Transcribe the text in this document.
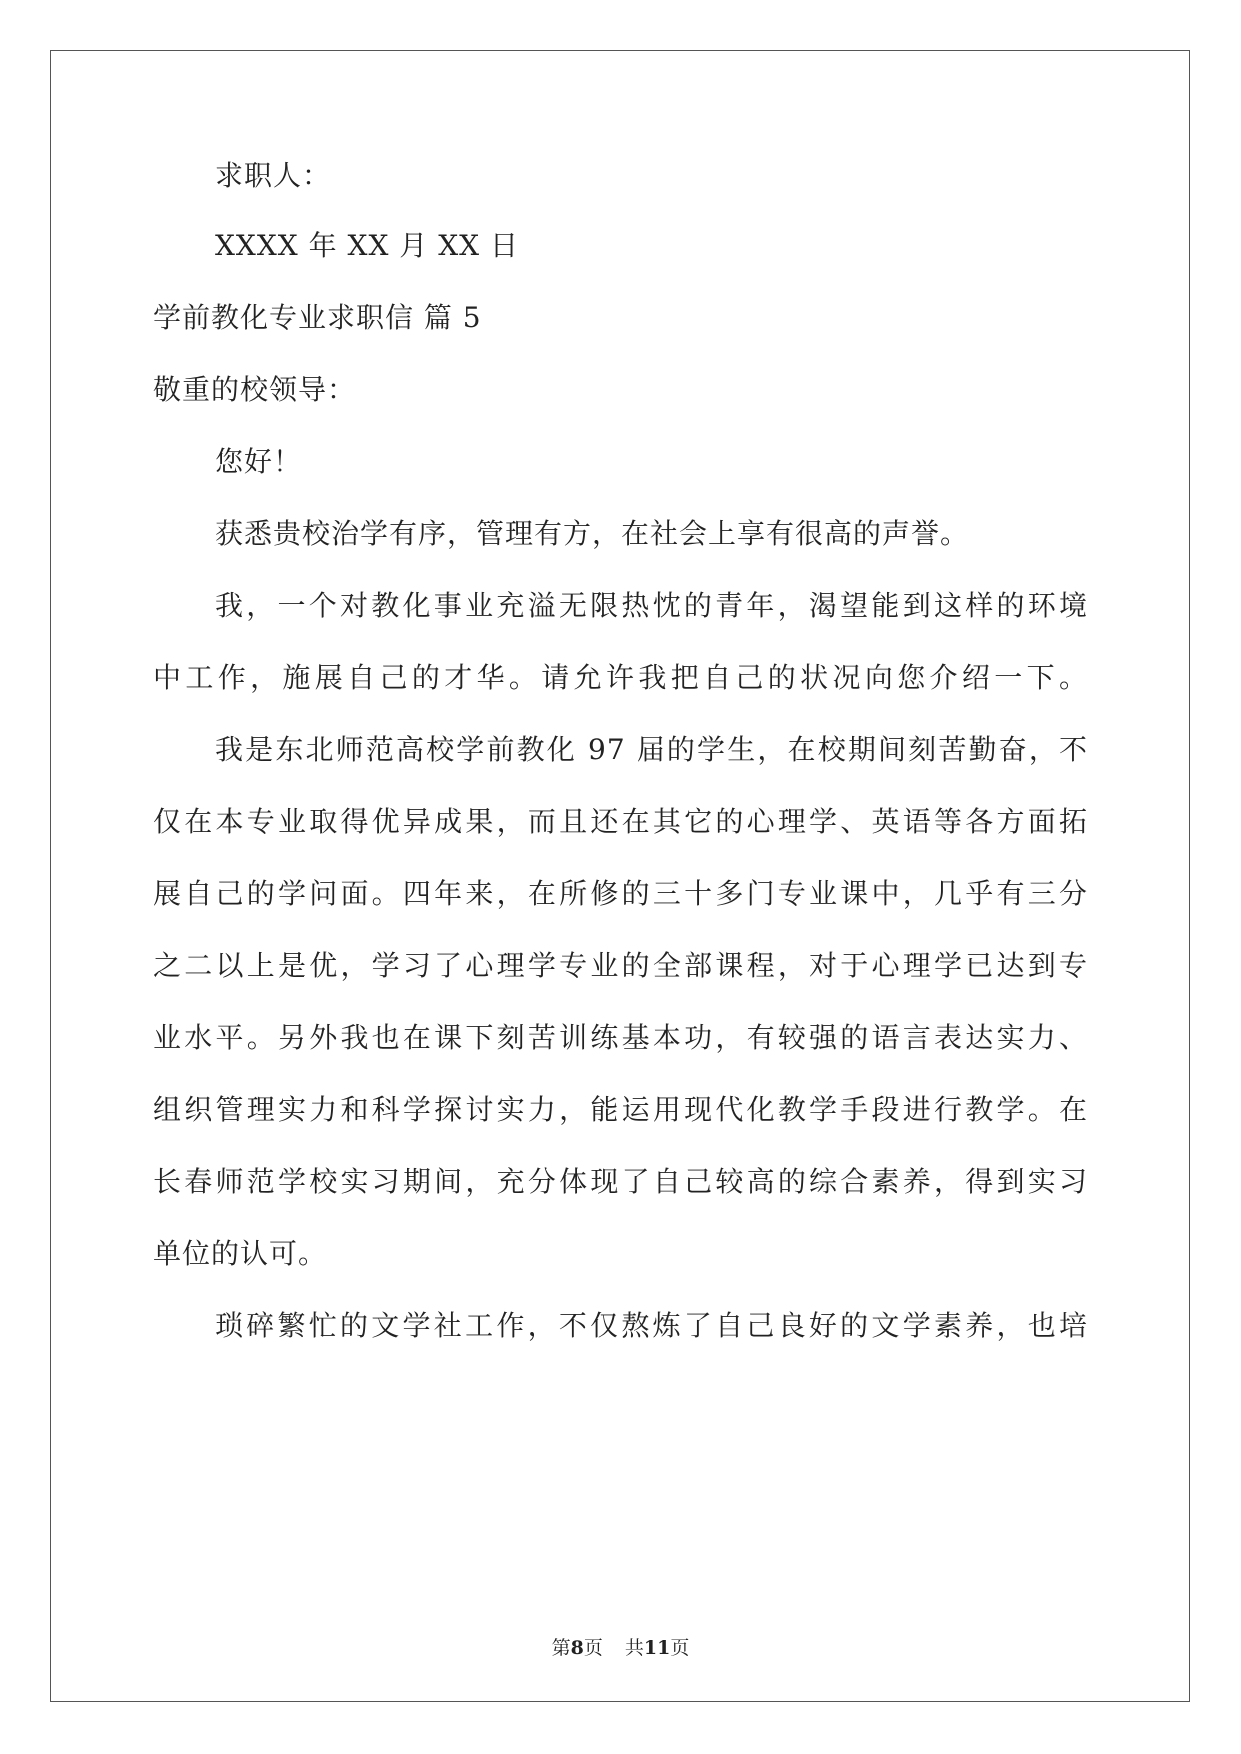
求职人：
XXXX 年 XX 月 XX 日
学前教化专业求职信 篇 5
敬重的校领导：
您好！
获悉贵校治学有序，管理有方，在社会上享有很高的声誉。
我，一个对教化事业充溢无限热忱的青年，渴望能到这样的环境
中工作，施展自己的才华。请允许我把自己的状况向您介绍一下。
我是东北师范高校学前教化 97 届的学生，在校期间刻苦勤奋，不
仅在本专业取得优异成果，而且还在其它的心理学、英语等各方面拓
展自己的学问面。四年来，在所修的三十多门专业课中，几乎有三分
之二以上是优，学习了心理学专业的全部课程，对于心理学已达到专
业水平。另外我也在课下刻苦训练基本功，有较强的语言表达实力、
组织管理实力和科学探讨实力，能运用现代化教学手段进行教学。在
长春师范学校实习期间，充分体现了自己较高的综合素养，得到实习
单位的认可。
琐碎繁忙的文学社工作，不仅熬炼了自己良好的文学素养，也培
第8页 共11页
